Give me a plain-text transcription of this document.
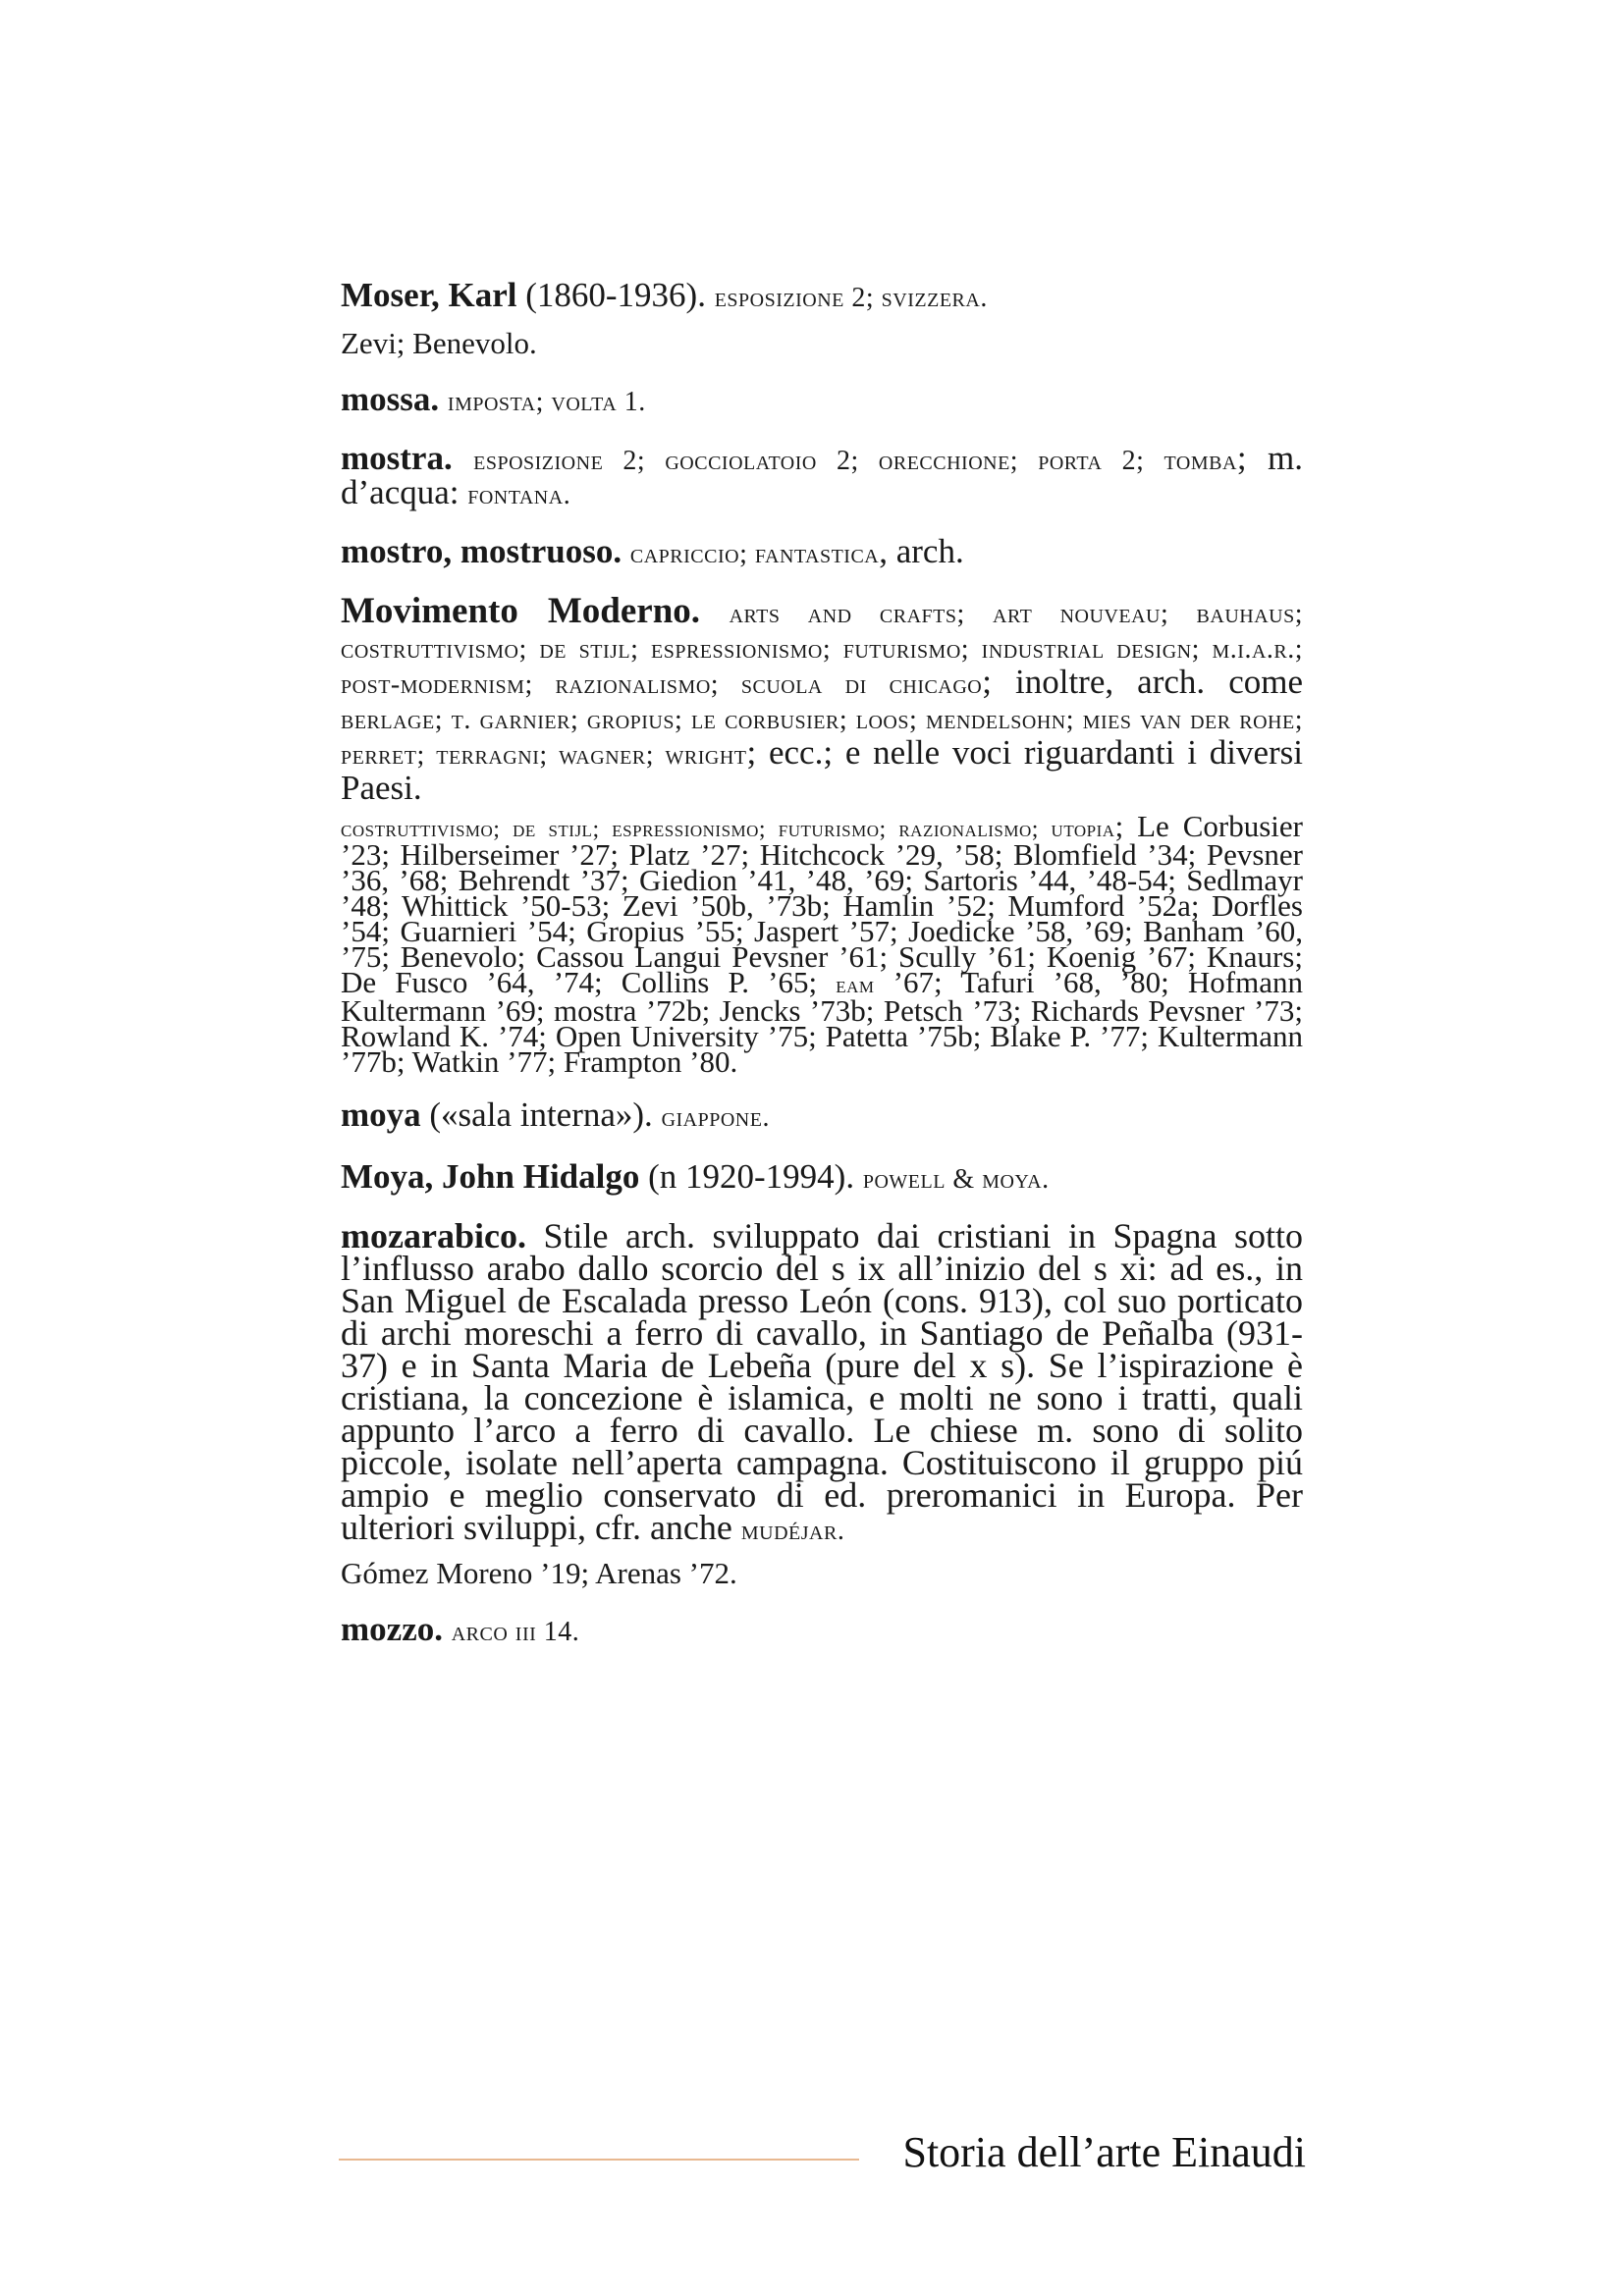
Moser, Karl (1860-1936). esposizione 2; svizzera.
Zevi; Benevolo.
mossa. imposta; volta 1.
mostra. esposizione 2; gocciolatoio 2; orecchione; porta 2; tomba; m. d’acqua: fontana.
mostro, mostruoso. capriccio; fantastica, arch.
Movimento Moderno. arts and crafts; art nouveau; bauhaus; costruttivismo; de stijl; espressionismo; futurismo; industrial design; m.i.a.r.; post-modernism; razionalismo; scuola di chicago; inoltre, arch. come berlage; t. garnier; gropius; le corbusier; loos; mendelsohn; mies van der rohe; perret; terragni; wagner; wright; ecc.; e nelle voci riguardanti i diversi Paesi.
costruttivismo; de stijl; espressionismo; futurismo; razionalismo; utopia; Le Corbusier ’23; Hilberseimer ’27; Platz ’27; Hitchcock ’29, ’58; Blomfield ’34; Pevsner ’36, ’68; Behrendt ’37; Giedion ’41, ’48, ’69; Sartoris ’44, ’48-54; Sedlmayr ’48; Whittick ’50-53; Zevi ’50b, ’73b; Hamlin ’52; Mumford ’52a; Dorfles ’54; Guarnieri ’54; Gropius ’55; Jaspert ’57; Joedicke ’58, ’69; Banham ’60, ’75; Benevolo; Cassou Langui Pevsner ’61; Scully ’61; Koenig ’67; Knaurs; De Fusco ’64, ’74; Collins P. ’65; eam ’67; Tafuri ’68, ’80; Hofmann Kultermann ’69; mostra ’72b; Jencks ’73b; Petsch ’73; Richards Pevsner ’73; Rowland K. ’74; Open University ’75; Patetta ’75b; Blake P. ’77; Kultermann ’77b; Watkin ’77; Frampton ’80.
moya («sala interna»). giappone.
Moya, John Hidalgo (n 1920-1994). powell & moya.
mozarabico. Stile arch. sviluppato dai cristiani in Spagna sotto l’influsso arabo dallo scorcio del s ix all’inizio del s xi: ad es., in San Miguel de Escalada presso León (cons. 913), col suo porticato di archi moreschi a ferro di cavallo, in Santiago de Peñalba (931-37) e in Santa Maria de Lebeña (pure del x s). Se l’ispirazione è cristiana, la concezione è islamica, e molti ne sono i tratti, quali appunto l’arco a ferro di cavallo. Le chiese m. sono di solito piccole, isolate nell’aperta campagna. Costituiscono il gruppo piú ampio e meglio conservato di ed. preromanici in Europa. Per ulteriori sviluppi, cfr. anche mudéjar.
Gómez Moreno ’19; Arenas ’72.
mozzo. arco iii 14.
Storia dell’arte Einaudi
